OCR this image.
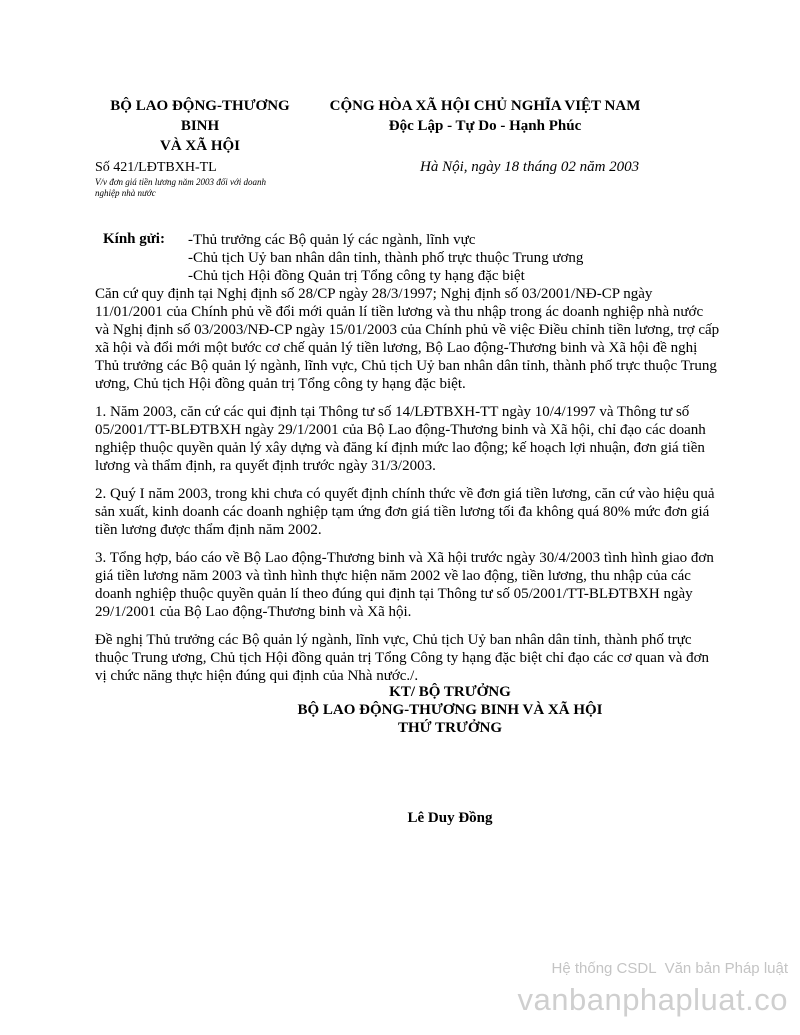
BỘ LAO ĐỘNG-THƯƠNG
BINH
VÀ XÃ HỘI
CỘNG HÒA XÃ HỘI CHỦ NGHĨA VIỆT NAM
Độc Lập - Tự Do - Hạnh Phúc
Số 421/LĐTBXH-TL
V/v đơn giá tiền lương năm 2003 đối với doanh
nghiệp nhà nước
Hà Nội, ngày 18 tháng 02 năm 2003
Kính gửi: -Thủ trưởng các Bộ quản lý các ngành, lĩnh vực
-Chủ tịch Uỷ ban nhân dân tỉnh, thành phố trực thuộc Trung ương
-Chủ tịch Hội đồng Quản trị Tổng công ty hạng đặc biệt

Căn cứ quy định tại Nghị định số 28/CP ngày 28/3/1997; Nghị định số 03/2001/NĐ-CP ngày 11/01/2001 của Chính phủ về đổi mới quản lí tiền lương và thu nhập trong ác doanh nghiệp nhà nước và Nghị định số 03/2003/NĐ-CP ngày 15/01/2003 của Chính phủ về việc Điều chỉnh tiền lương, trợ cấp xã hội và đổi mới một bước cơ chế quản lý tiền lương, Bộ Lao động-Thương binh và Xã hội đề nghị Thủ trưởng các Bộ quản lý ngành, lĩnh vực, Chủ tịch Uỷ ban nhân dân tỉnh, thành phố trực thuộc Trung ương, Chủ tịch Hội đồng quản trị Tổng công ty hạng đặc biệt.

1. Năm 2003, căn cứ các qui định tại Thông tư số 14/LĐTBXH-TT ngày 10/4/1997 và Thông tư số 05/2001/TT-BLĐTBXH ngày 29/1/2001 của Bộ Lao động-Thương binh và Xã hội, chỉ đạo các doanh nghiệp thuộc quyền quản lý xây dựng và đăng kí định mức lao động; kế hoạch lợi nhuận, đơn giá tiền lương và thẩm định, ra quyết định trước ngày 31/3/2003.

2. Quý I năm 2003, trong khi chưa có quyết định chính thức về đơn giá tiền lương, căn cứ vào hiệu quả sản xuất, kinh doanh các doanh nghiệp tạm ứng đơn giá tiền lương tối đa không quá 80% mức đơn giá tiền lương được thẩm định năm 2002.

3. Tổng hợp, báo cáo về Bộ Lao động-Thương binh và Xã hội trước ngày 30/4/2003 tình hình giao đơn giá tiền lương năm 2003 và tình hình thực hiện năm 2002 về lao động, tiền lương, thu nhập của các doanh nghiệp thuộc quyền quản lí theo đúng qui định tại Thông tư số 05/2001/TT-BLĐTBXH ngày 29/1/2001 của Bộ Lao động-Thương binh và Xã hội.

Đề nghị Thủ trưởng các Bộ quản lý ngành, lĩnh vực, Chủ tịch Uỷ ban nhân dân tỉnh, thành phố trực thuộc Trung ương, Chủ tịch Hội đồng quản trị Tổng Công ty hạng đặc biệt chỉ đạo các cơ quan và đơn vị chức năng thực hiện đúng qui định của Nhà nước./.

KT/ BỘ TRƯỞNG
BỘ LAO ĐỘNG-THƯƠNG BINH VÀ XÃ HỘI
THỨ TRƯỞNG
Lê Duy Đồng
Hệ thống CSDL Văn bản Pháp luật
vanbanphapluat.co
